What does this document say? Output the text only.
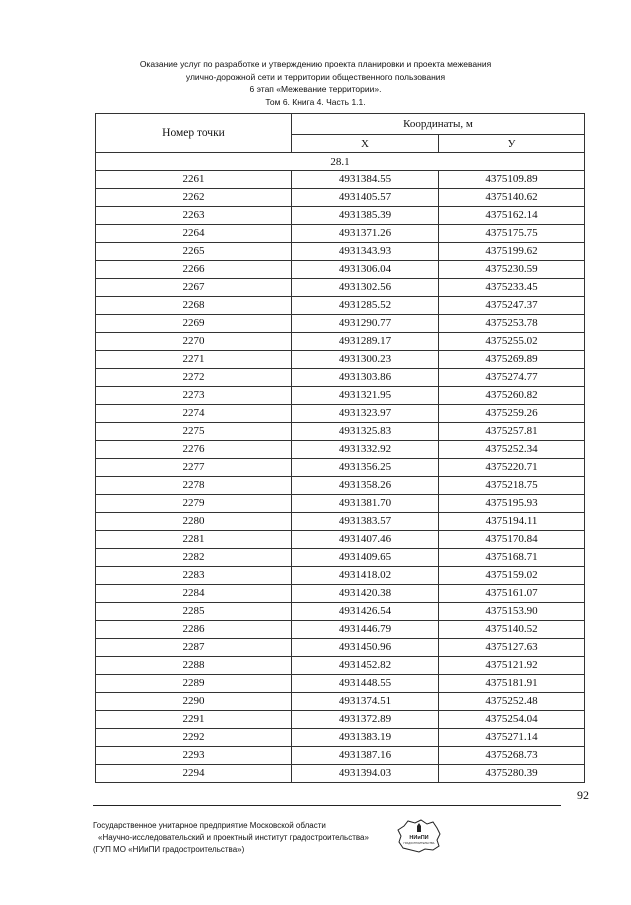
Оказание услуг по разработке и утверждению проекта планировки и проекта межевания
улично-дорожной сети и территории общественного пользования
6 этап «Межевание территории».
Том 6. Книга 4. Часть 1.1.
Номер точки	Координаты, м	
	X	У
28.1		
2261	4931384.55	4375109.89
2262	4931405.57	4375140.62
2263	4931385.39	4375162.14
2264	4931371.26	4375175.75
2265	4931343.93	4375199.62
2266	4931306.04	4375230.59
2267	4931302.56	4375233.45
2268	4931285.52	4375247.37
2269	4931290.77	4375253.78
2270	4931289.17	4375255.02
2271	4931300.23	4375269.89
2272	4931303.86	4375274.77
2273	4931321.95	4375260.82
2274	4931323.97	4375259.26
2275	4931325.83	4375257.81
2276	4931332.92	4375252.34
2277	4931356.25	4375220.71
2278	4931358.26	4375218.75
2279	4931381.70	4375195.93
2280	4931383.57	4375194.11
2281	4931407.46	4375170.84
2282	4931409.65	4375168.71
2283	4931418.02	4375159.02
2284	4931420.38	4375161.07
2285	4931426.54	4375153.90
2286	4931446.79	4375140.52
2287	4931450.96	4375127.63
2288	4931452.82	4375121.92
2289	4931448.55	4375181.91
2290	4931374.51	4375252.48
2291	4931372.89	4375254.04
2292	4931383.19	4375271.14
2293	4931387.16	4375268.73
2294	4931394.03	4375280.39
92
Государственное унитарное предприятие Московской области
«Научно-исследовательский и проектный институт градостроительства»
(ГУП МО «НИиПИ градостроительства»)
НИиПИ
ГРАДОСТРОИТЕЛЬСТВА
